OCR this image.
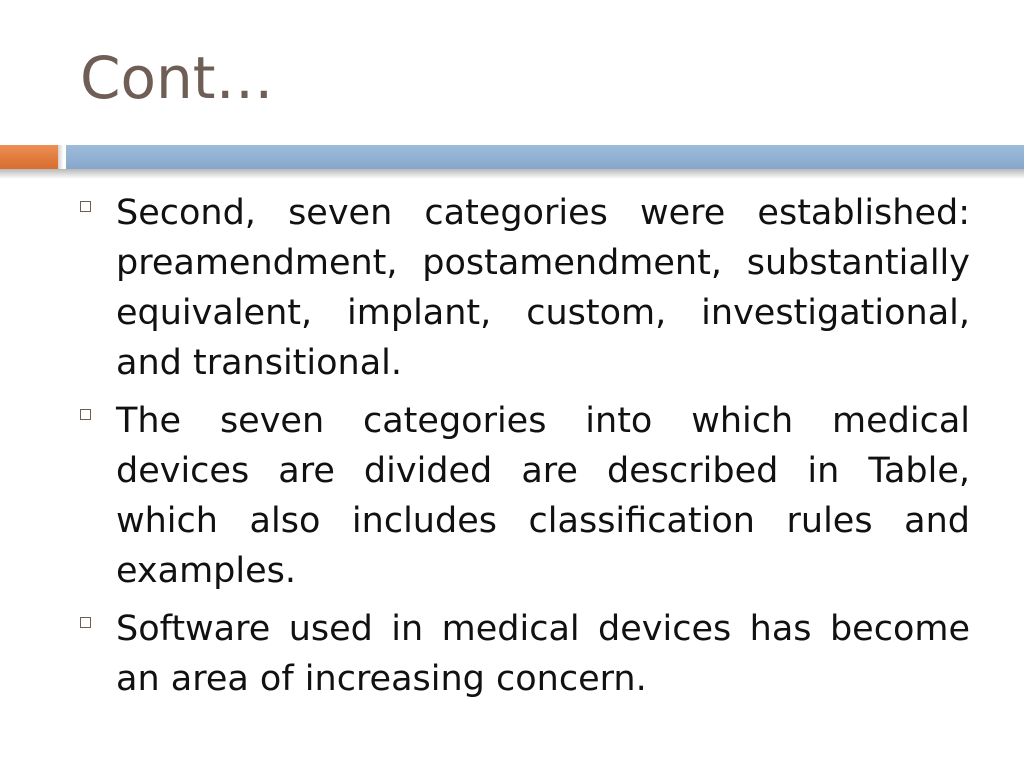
Cont…
Second, seven categories were established: preamendment, postamendment, substantially equivalent, implant, custom, investigational, and transitional.
The seven categories into which medical devices are divided are described in Table, which also includes classification rules and examples.
Software used in medical devices has become an area of increasing concern.
